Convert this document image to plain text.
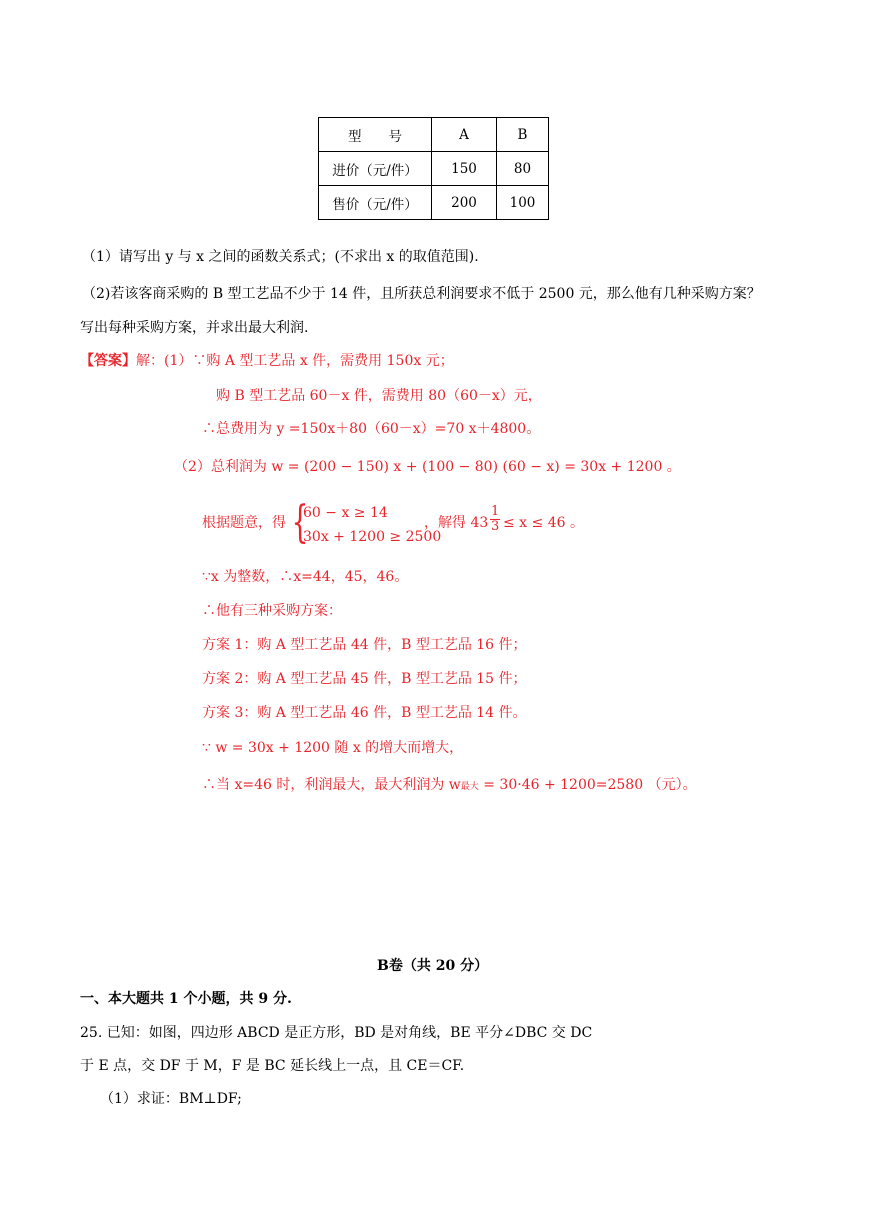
型　　号	A	B
进价（元/件）	150	80
售价（元/件）	200	100
（1）请写出 y 与 x 之间的函数关系式；(不求出 x 的取值范围).
（2)若该客商采购的 B 型工艺品不少于 14 件，且所获总利润要求不低于 2500 元，那么他有几种采购方案？
写出每种采购方案，并求出最大利润.
【答案】解：(1）∵购 A 型工艺品 x 件，需费用 150x 元；
购 B 型工艺品 60－x 件，需费用 80（60－x）元，
∴总费用为 y =150x＋80（60－x）=70 x＋4800。
（2）总利润为 w = (200 − 150) x + (100 − 80) (60 − x) = 30x + 1200 。
根据题意，得 {
60 − x ≥ 14
30x + 1200 ≥ 2500
，解得 $43 \frac{1}{3} \le x \le 46$ 。
∵x 为整数，∴x=44，45，46。
∴他有三种采购方案：
方案 1：购 A 型工艺品 44 件，B 型工艺品 16 件；
方案 2：购 A 型工艺品 45 件，B 型工艺品 15 件；
方案 3：购 A 型工艺品 46 件，B 型工艺品 14 件。
∵ w = 30x + 1200 随 x 的增大而增大，
∴当 x=46 时，利润最大，最大利润为 w最大 = 30·46 + 1200=2580 （元）。
B卷（共 20 分）
一、本大题共 1 个小题，共 9 分.
25. 已知：如图，四边形 ABCD 是正方形，BD 是对角线，BE 平分∠DBC 交 DC
于 E 点，交 DF 于 M，F 是 BC 延长线上一点，且 CE＝CF.
（1）求证：BM⊥DF;
